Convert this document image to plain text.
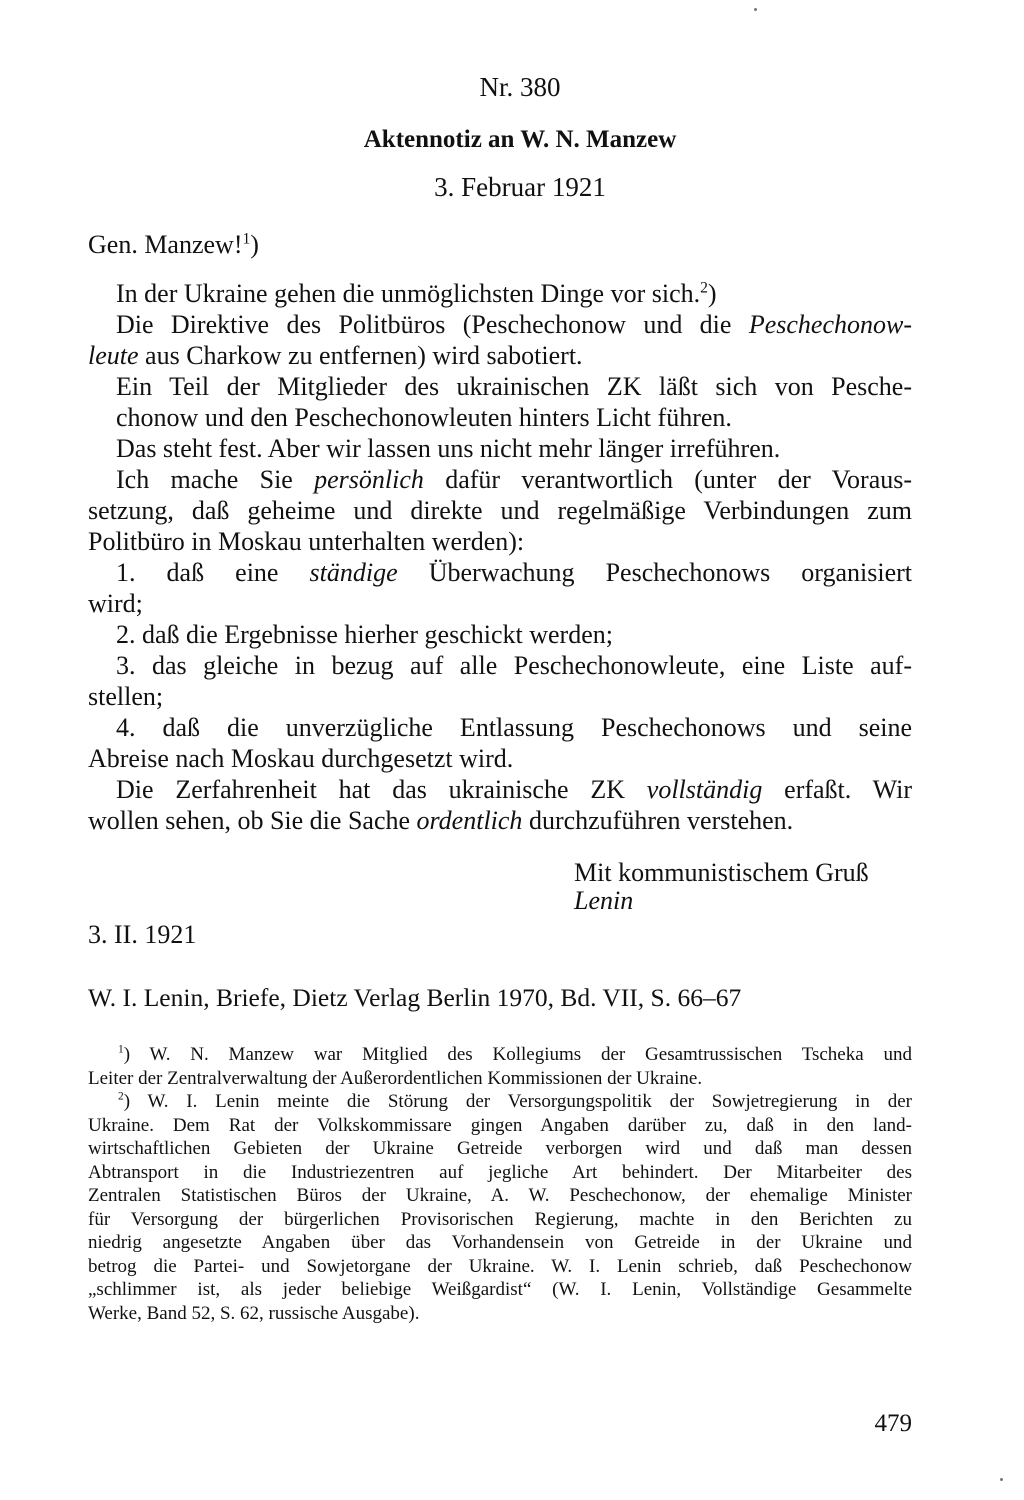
Nr. 380
Aktennotiz an W. N. Manzew
3. Februar 1921
Gen. Manzew!$^1$)
In der Ukraine gehen die unmöglichsten Dinge vor sich.$^2$)
Die Direktive des Politbüros (Peschechonow und die Peschechonow-
leute aus Charkow zu entfernen) wird sabotiert.
Ein Teil der Mitglieder des ukrainischen ZK läßt sich von Pesche-
chonow und den Peschechonowleuten hinters Licht führen.
Das steht fest. Aber wir lassen uns nicht mehr länger irreführen.
Ich mache Sie persönlich dafür verantwortlich (unter der Voraus-
setzung, daß geheime und direkte und regelmäßige Verbindungen zum
Politbüro in Moskau unterhalten werden):
1. daß eine ständige Überwachung Peschechonows organisiert
wird;
2. daß die Ergebnisse hierher geschickt werden;
3. das gleiche in bezug auf alle Peschechonowleute, eine Liste auf-
stellen;
4. daß die unverzügliche Entlassung Peschechonows und seine
Abreise nach Moskau durchgesetzt wird.
Die Zerfahrenheit hat das ukrainische ZK vollständig erfaßt. Wir
wollen sehen, ob Sie die Sache ordentlich durchzuführen verstehen.
Mit kommunistischem Gruß
Lenin
3. II. 1921
W. I. Lenin, Briefe, Dietz Verlag Berlin 1970, Bd. VII, S. 66–67
$^1$) W. N. Manzew war Mitglied des Kollegiums der Gesamtrussischen Tscheka und
Leiter der Zentralverwaltung der Außerordentlichen Kommissionen der Ukraine.
$^2$) W. I. Lenin meinte die Störung der Versorgungspolitik der Sowjetregierung in der
Ukraine. Dem Rat der Volkskommissare gingen Angaben darüber zu, daß in den land-
wirtschaftlichen Gebieten der Ukraine Getreide verborgen wird und daß man dessen
Abtransport in die Industriezentren auf jegliche Art behindert. Der Mitarbeiter des
Zentralen Statistischen Büros der Ukraine, A. W. Peschechonow, der ehemalige Minister
für Versorgung der bürgerlichen Provisorischen Regierung, machte in den Berichten zu
niedrig angesetzte Angaben über das Vorhandensein von Getreide in der Ukraine und
betrog die Partei- und Sowjetorgane der Ukraine. W. I. Lenin schrieb, daß Peschechonow
„schlimmer ist, als jeder beliebige Weißgardist“ (W. I. Lenin, Vollständige Gesammelte
Werke, Band 52, S. 62, russische Ausgabe).
479
